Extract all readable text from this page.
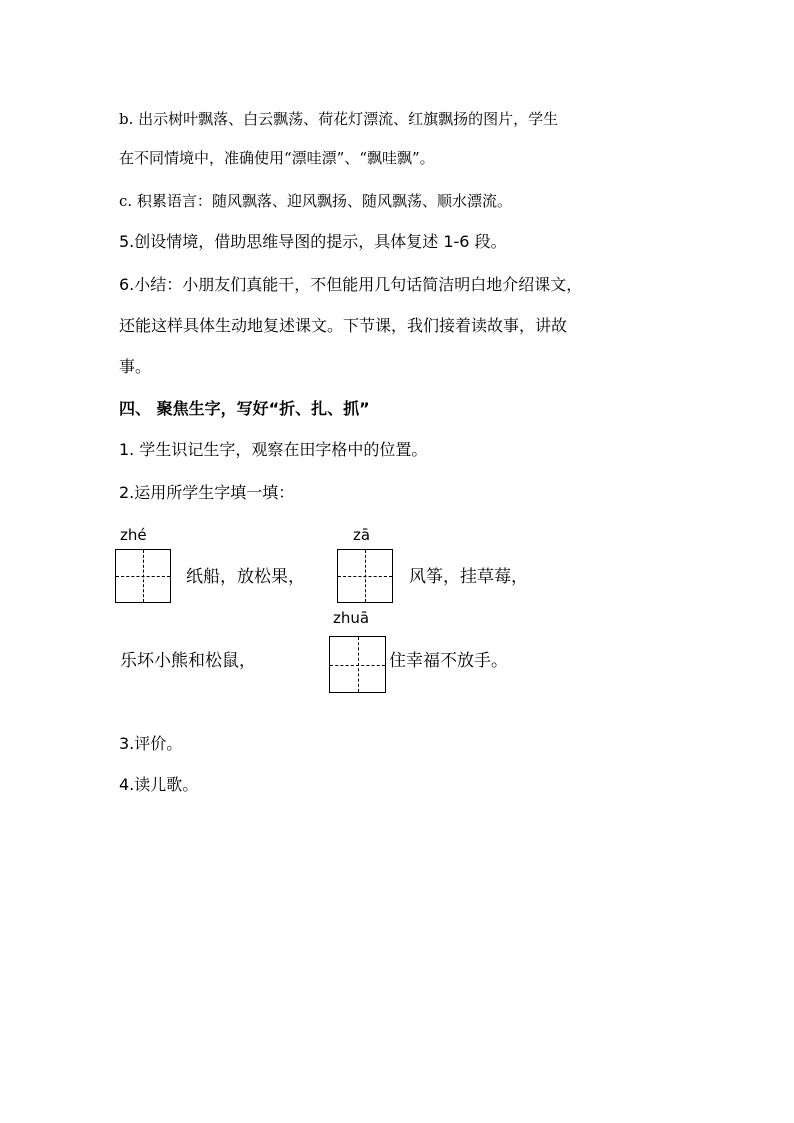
b. 出示树叶飘落、白云飘荡、荷花灯漂流、红旗飘扬的图片，学生
在不同情境中，准确使用“漂哇漂”、“飘哇飘”。
c. 积累语言：随风飘落、迎风飘扬、随风飘荡、顺水漂流。
5.创设情境，借助思维导图的提示，具体复述 1-6 段。
6.小结：小朋友们真能干，不但能用几句话简洁明白地介绍课文，
还能这样具体生动地复述课文。下节课，我们接着读故事，讲故
事。
四、 聚焦生字，写好“折、扎、抓”
1. 学生识记生字，观察在田字格中的位置。
2.运用所学生字填一填：
zhé
纸船，放松果，
zā
风筝，挂草莓，
zhuā
乐坏小熊和松鼠，	住幸福不放手。
3.评价。
4.读儿歌。
